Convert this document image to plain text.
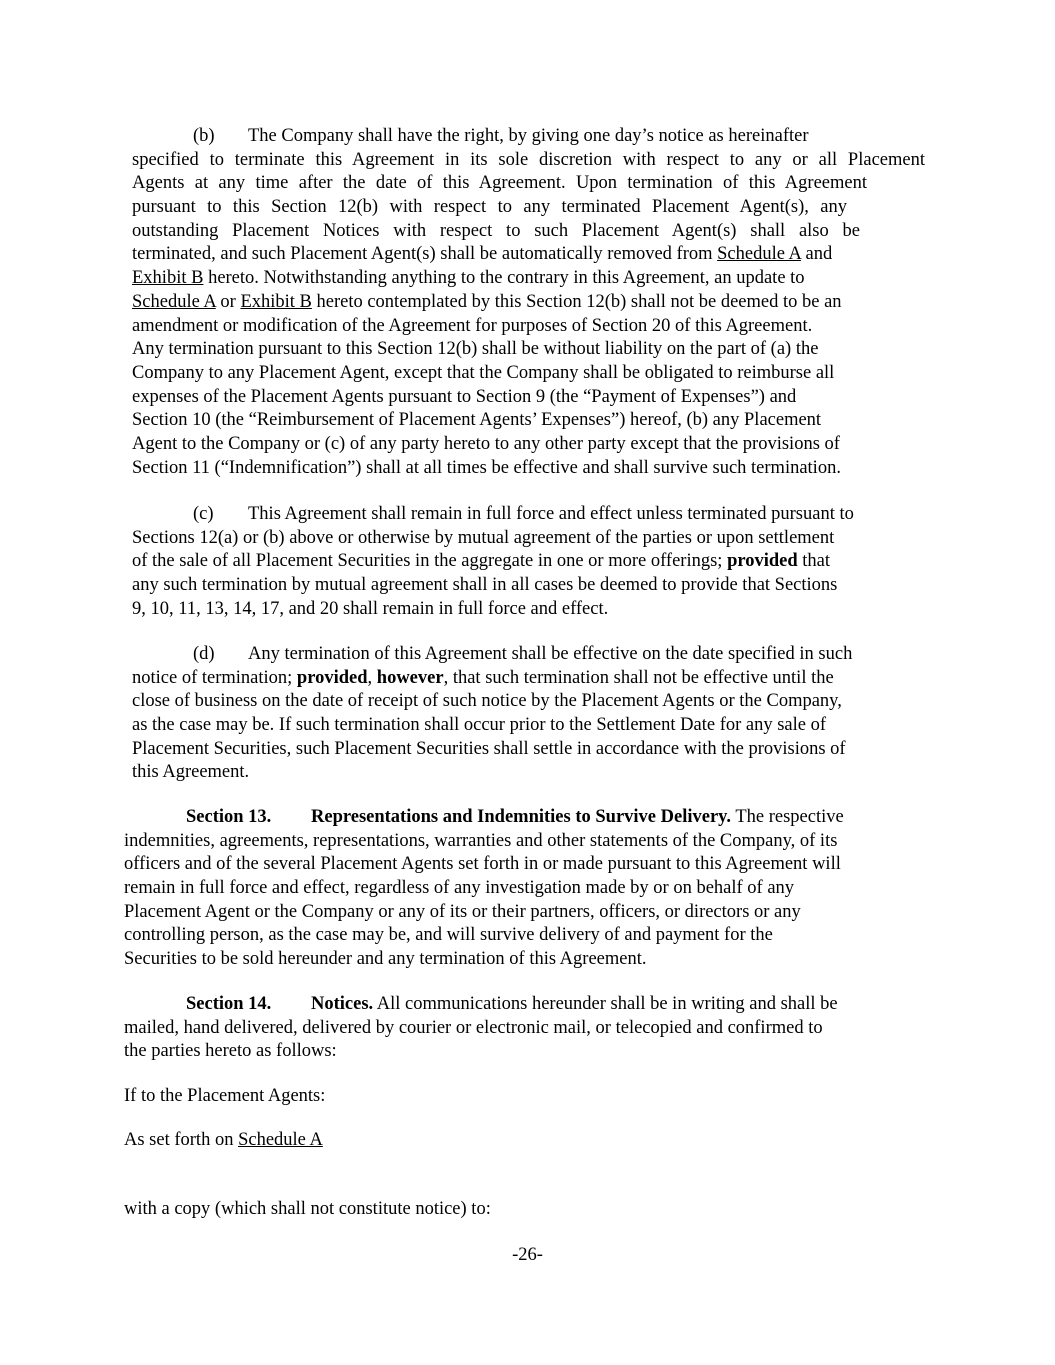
(b) The Company shall have the right, by giving one day’s notice as hereinafter
specified to terminate this Agreement in its sole discretion with respect to any or all Placement
Agents at any time after the date of this Agreement. Upon termination of this Agreement
pursuant to this Section 12(b) with respect to any terminated Placement Agent(s), any
outstanding Placement Notices with respect to such Placement Agent(s) shall also be
terminated, and such Placement Agent(s) shall be automatically removed from Schedule A and
Exhibit B hereto. Notwithstanding anything to the contrary in this Agreement, an update to
Schedule A or Exhibit B hereto contemplated by this Section 12(b) shall not be deemed to be an
amendment or modification of the Agreement for purposes of Section 20 of this Agreement.
Any termination pursuant to this Section 12(b) shall be without liability on the part of (a) the
Company to any Placement Agent, except that the Company shall be obligated to reimburse all
expenses of the Placement Agents pursuant to Section 9 (the “Payment of Expenses”) and
Section 10 (the “Reimbursement of Placement Agents’ Expenses”) hereof, (b) any Placement
Agent to the Company or (c) of any party hereto to any other party except that the provisions of
Section 11 (“Indemnification”) shall at all times be effective and shall survive such termination.
(c) This Agreement shall remain in full force and effect unless terminated pursuant to
Sections 12(a) or (b) above or otherwise by mutual agreement of the parties or upon settlement
of the sale of all Placement Securities in the aggregate in one or more offerings; provided that
any such termination by mutual agreement shall in all cases be deemed to provide that Sections
9, 10, 11, 13, 14, 17, and 20 shall remain in full force and effect.
(d) Any termination of this Agreement shall be effective on the date specified in such
notice of termination; provided, however, that such termination shall not be effective until the
close of business on the date of receipt of such notice by the Placement Agents or the Company,
as the case may be. If such termination shall occur prior to the Settlement Date for any sale of
Placement Securities, such Placement Securities shall settle in accordance with the provisions of
this Agreement.
Section 13. Representations and Indemnities to Survive Delivery. The respective
indemnities, agreements, representations, warranties and other statements of the Company, of its
officers and of the several Placement Agents set forth in or made pursuant to this Agreement will
remain in full force and effect, regardless of any investigation made by or on behalf of any
Placement Agent or the Company or any of its or their partners, officers, or directors or any
controlling person, as the case may be, and will survive delivery of and payment for the
Securities to be sold hereunder and any termination of this Agreement.
Section 14. Notices. All communications hereunder shall be in writing and shall be
mailed, hand delivered, delivered by courier or electronic mail, or telecopied and confirmed to
the parties hereto as follows:
If to the Placement Agents:
As set forth on Schedule A
with a copy (which shall not constitute notice) to:
-26-
